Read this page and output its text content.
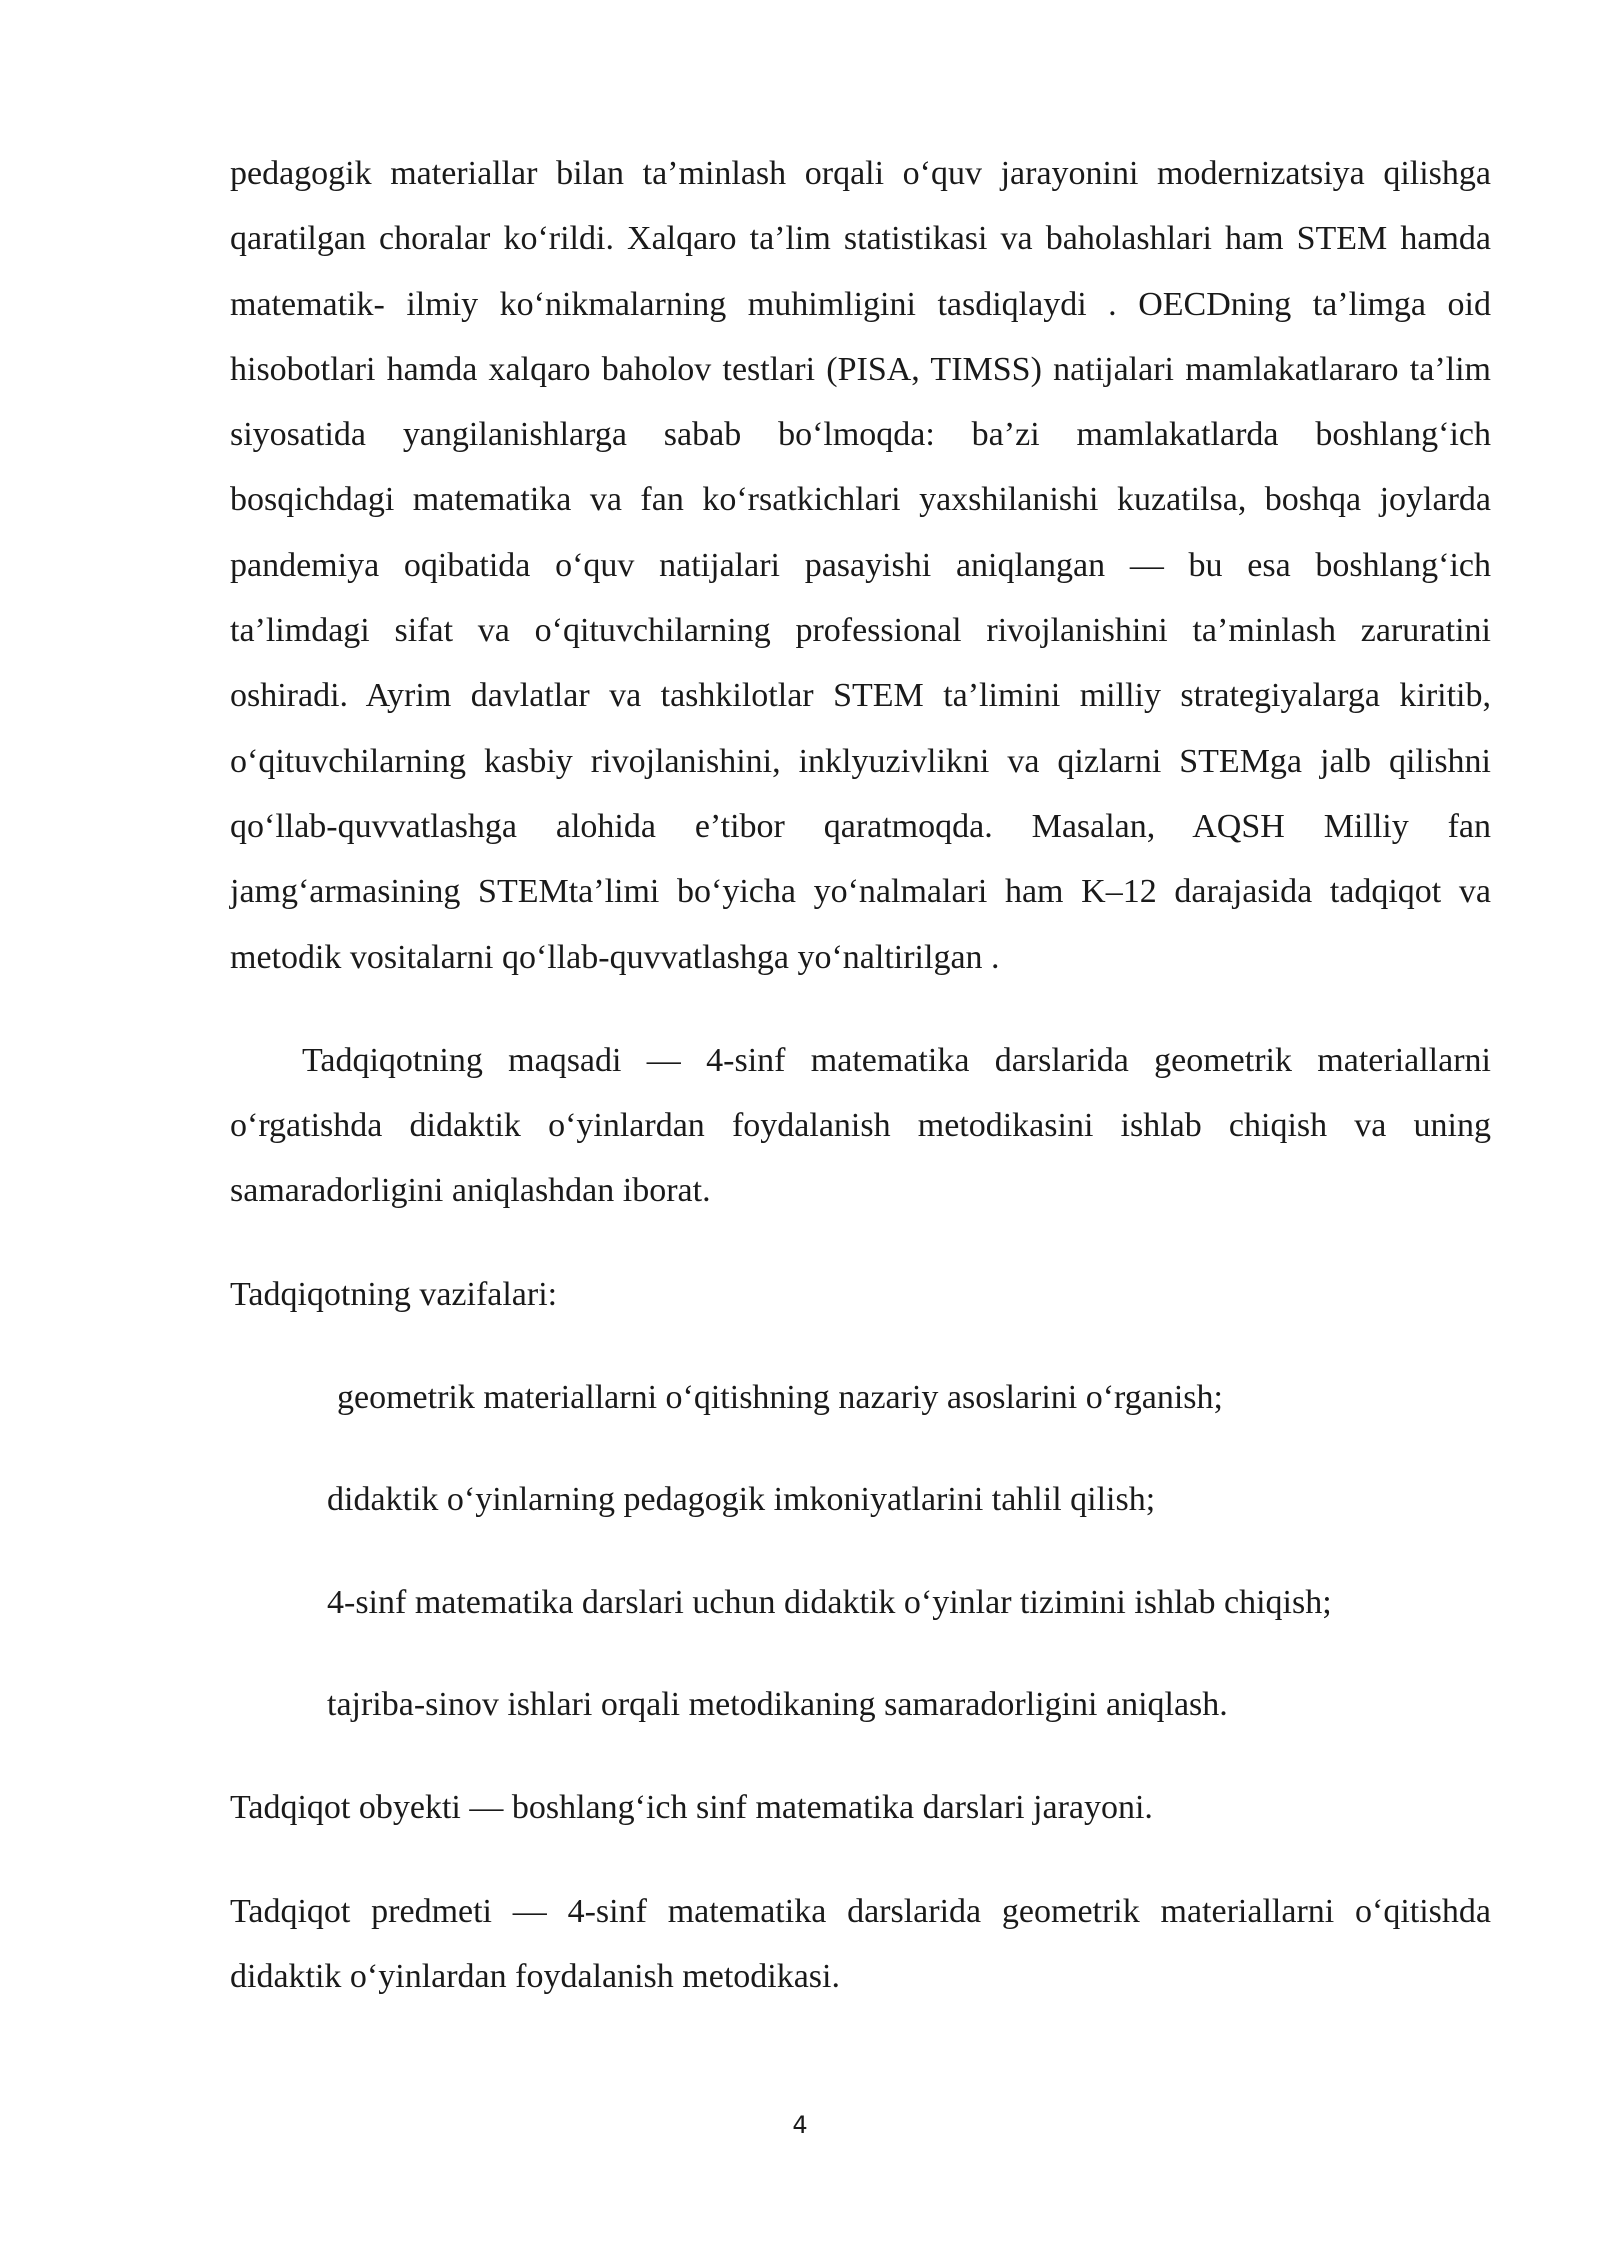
pedagogik materiallar bilan ta’minlash orqali o‘quv jarayonini modernizatsiya qilishga qaratilgan choralar ko‘rildi. Xalqaro ta’lim statistikasi va baholashlari ham STEM hamda matematik- ilmiy ko‘nikmalarning muhimligini tasdiqlaydi . OECDning ta’limga oid hisobotlari hamda xalqaro baholov testlari (PISA, TIMSS) natijalari mamlakatlararo ta’lim siyosatida yangilanishlarga sabab bo‘lmoqda: ba’zi mamlakatlarda boshlang‘ich bosqichdagi matematika va fan ko‘rsatkichlari yaxshilanishi kuzatilsa, boshqa joylarda pandemiya oqibatida o‘quv natijalari pasayishi aniqlangan — bu esa boshlang‘ich ta’limdagi sifat va o‘qituvchilarning professional rivojlanishini ta’minlash zaruratini oshiradi. Ayrim davlatlar va tashkilotlar STEM ta’limini milliy strategiyalarga kiritib, o‘qituvchilarning kasbiy rivojlanishini, inklyuzivlikni va qizlarni STEMga jalb qilishni qo‘llab-quvvatlashga alohida e’tibor qaratmoqda. Masalan, AQSH Milliy fan jamg‘armasining STEMta’limi bo‘yicha yo‘nalmalari ham K–12 darajasida tadqiqot va metodik vositalarni qo‘llab-quvvatlashga yo‘naltirilgan .

Tadqiqotning maqsadi — 4-sinf matematika darslarida geometrik materiallarni o‘rgatishda didaktik o‘yinlardan foydalanish metodikasini ishlab chiqish va uning samaradorligini aniqlashdan iborat.

Tadqiqotning vazifalari:

geometrik materiallarni o‘qitishning nazariy asoslarini o‘rganish;
didaktik o‘yinlarning pedagogik imkoniyatlarini tahlil qilish;
4-sinf matematika darslari uchun didaktik o‘yinlar tizimini ishlab chiqish;
tajriba-sinov ishlari orqali metodikaning samaradorligini aniqlash.

Tadqiqot obyekti — boshlang‘ich sinf matematika darslari jarayoni.

Tadqiqot predmeti — 4-sinf matematika darslarida geometrik materiallarni o‘qitishda didaktik o‘yinlardan foydalanish metodikasi.

4
